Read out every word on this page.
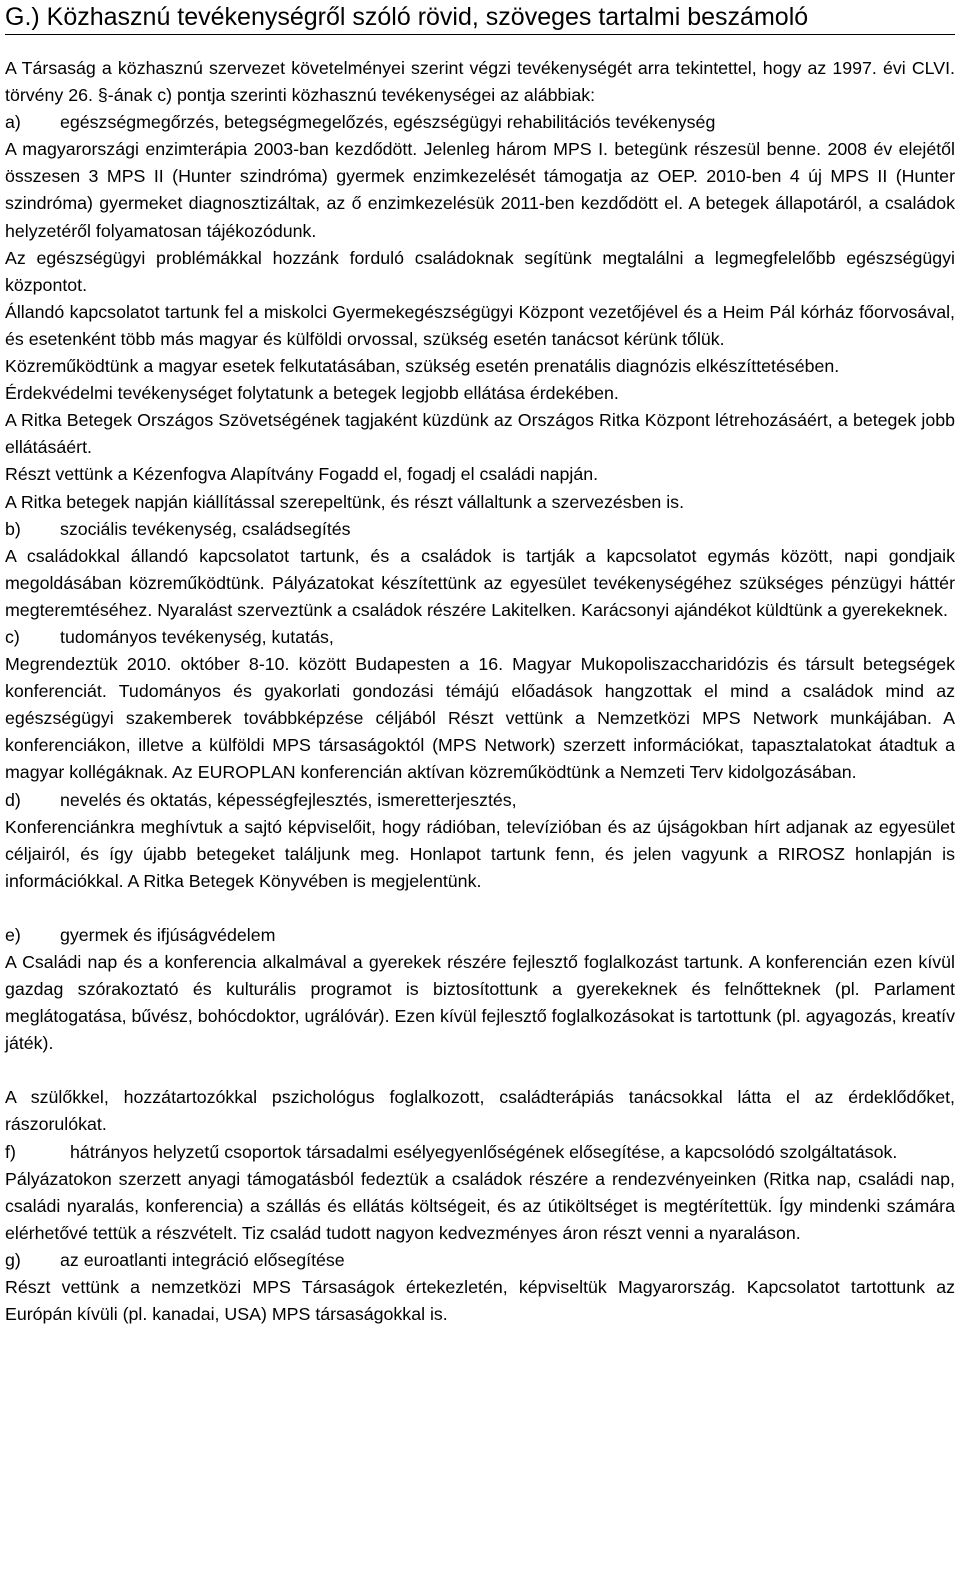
G.) Közhasznú tevékenységről szóló rövid, szöveges tartalmi beszámoló

A Társaság a közhasznú szervezet követelményei szerint végzi tevékenységét arra tekintettel, hogy az 1997. évi CLVI. törvény 26. §-ának c) pontja szerinti közhasznú tevékenységei az alábbiak:

a)	egészségmegőrzés, betegségmegelőzés, egészségügyi rehabilitációs tevékenység

A magyarországi enzimterápia 2003-ban kezdődött. Jelenleg három MPS I. betegünk részesül benne. 2008 év elejétől összesen 3 MPS II (Hunter szindróma) gyermek enzimkezelését támogatja az OEP. 2010-ben 4 új MPS II (Hunter szindróma) gyermeket diagnosztizáltak, az ő enzimkezelésük 2011-ben kezdődött el. A betegek állapotáról, a családok helyzetéről folyamatosan tájékozódunk.

Az egészségügyi problémákkal hozzánk forduló családoknak segítünk megtalálni a legmegfelelőbb egészségügyi központot.

Állandó kapcsolatot tartunk fel a miskolci Gyermekegészségügyi Központ vezetőjével és a Heim Pál kórház főorvosával, és esetenként több más magyar és külföldi orvossal, szükség esetén tanácsot kérünk tőlük.

Közreműködtünk a magyar esetek felkutatásában, szükség esetén prenatális diagnózis elkészíttetésében.

Érdekvédelmi tevékenységet folytatunk a betegek legjobb ellátása érdekében.

A Ritka Betegek Országos Szövetségének tagjaként küzdünk az Országos Ritka Központ létrehozásáért, a betegek jobb ellátásáért.

Részt vettünk a Kézenfogva Alapítvány Fogadd el, fogadj el családi napján.

A Ritka betegek napján kiállítással szerepeltünk, és részt vállaltunk a szervezésben is.

b)	szociális tevékenység, családsegítés

A családokkal állandó kapcsolatot tartunk, és a családok is tartják a kapcsolatot egymás között, napi gondjaik megoldásában közreműködtünk. Pályázatokat készítettünk az egyesület tevékenységéhez szükséges pénzügyi háttér megteremtéséhez. Nyaralást szerveztünk a családok részére Lakitelken. Karácsonyi ajándékot küldtünk a gyerekeknek.

c)	tudományos tevékenység, kutatás,

Megrendeztük 2010. október 8-10. között Budapesten a 16. Magyar Mukopoliszaccharidózis és társult betegségek konferenciát. Tudományos és gyakorlati gondozási témájú előadások hangzottak el mind a családok mind az egészségügyi szakemberek továbbképzése céljából Részt vettünk a Nemzetközi MPS Network munkájában. A konferenciákon, illetve a külföldi MPS társaságoktól (MPS Network) szerzett információkat, tapasztalatokat átadtuk a magyar kollégáknak. Az EUROPLAN konferencián aktívan közreműködtünk a Nemzeti Terv kidolgozásában.

d)	nevelés és oktatás, képességfejlesztés, ismeretterjesztés,

Konferenciánkra meghívtuk a sajtó képviselőit, hogy rádióban, televízióban és az újságokban hírt adjanak az egyesület céljairól, és így újabb betegeket találjunk meg. Honlapot tartunk fenn, és jelen vagyunk a RIROSZ honlapján is információkkal. A Ritka Betegek Könyvében is megjelentünk.

e)	gyermek és ifjúságvédelem

A Családi nap és a konferencia alkalmával a gyerekek részére fejlesztő foglalkozást tartunk. A konferencián ezen kívül gazdag szórakoztató és kulturális programot is biztosítottunk a gyerekeknek és felnőtteknek (pl. Parlament meglátogatása, bűvész, bohócdoktor, ugrálóvár). Ezen kívül fejlesztő foglalkozásokat is tartottunk (pl. agyagozás, kreatív játék).

A szülőkkel, hozzátartozókkal pszichológus foglalkozott, családterápiás tanácsokkal látta el az érdeklődőket, rászorulókat.

f)	hátrányos helyzetű csoportok társadalmi esélyegyenlőségének elősegítése, a kapcsolódó szolgáltatások.

Pályázatokon szerzett anyagi támogatásból fedeztük a családok részére a rendezvényeinken (Ritka nap, családi nap, családi nyaralás, konferencia) a szállás és ellátás költségeit, és az útiköltséget is megtérítettük. Így mindenki számára elérhetővé tettük a részvételt. Tiz család tudott nagyon kedvezményes áron részt venni a nyaraláson.

g)	az euroatlanti integráció elősegítése

Részt vettünk a nemzetközi MPS Társaságok értekezletén, képviseltük Magyarország. Kapcsolatot tartottunk az Európán kívüli (pl. kanadai, USA) MPS társaságokkal is.
